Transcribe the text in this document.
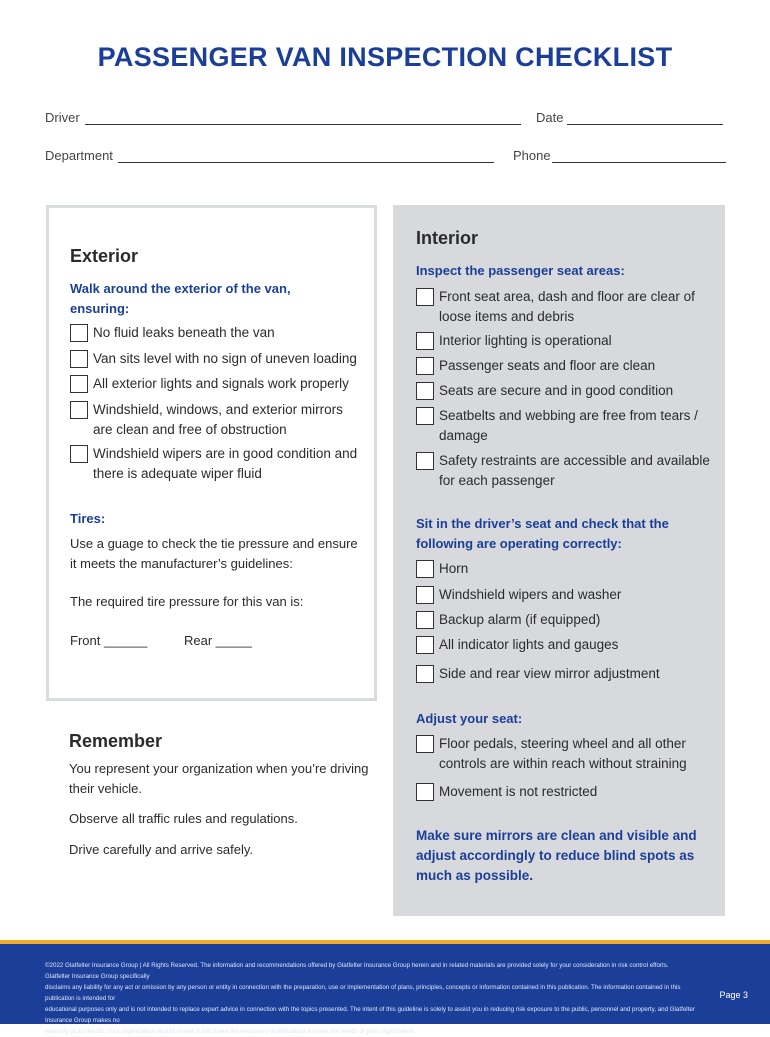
PASSENGER VAN INSPECTION CHECKLIST
Driver	Date
Department	Phone
Exterior
Walk around the exterior of the van,
ensuring:
No fluid leaks beneath the van
Van sits level with no sign of uneven loading
All exterior lights and signals work properly
Windshield, windows, and exterior mirrors
are clean and free of obstruction
Windshield wipers are in good condition and
there is adequate wiper fluid
Tires:
Use a guage to check the tie pressure and ensure
it meets the manufacturer’s guidelines:
The required tire pressure for this van is:
Front ______	Rear _____
Remember
You represent your organization when you’re driving
their vehicle.
Observe all traffic rules and regulations.
Drive carefully and arrive safely.
Interior
Inspect the passenger seat areas:
Front seat area, dash and floor are clear of
loose items and debris
Interior lighting is operational
Passenger seats and floor are clean
Seats are secure and in good condition
Seatbelts and webbing are free from tears /
damage
Safety restraints are accessible and available
for each passenger
Sit in the driver’s seat and check that the
following are operating correctly:
Horn
Windshield wipers and washer
Backup alarm (if equipped)
All indicator lights and gauges
Side and rear view mirror adjustment
Adjust your seat:
Floor pedals, steering wheel and all other
controls are within reach without straining
Movement is not restricted
Make sure mirrors are clean and visible and
adjust accordingly to reduce blind spots as
much as possible.
©2022 Glatfelter Insurance Group | All Rights Reserved. The information and recommendations offered by Glatfelter Insurance Group herein and in related materials are provided solely for your consideration in risk control efforts. Glatfelter Insurance Group specifically
disclaims any liability for any act or omission by any person or entity in connection with the preparation, use or implementation of plans, principles, concepts or information contained in this publication. The information contained in this publication is intended for
educational purposes only and is not intended to replace expert advice in connection with the topics presented. The intent of this guideline is solely to assist you in reducing risk exposure to the public, personnel and property, and Glatfelter Insurance Group makes no
warranty as to results. Your organization should review it and make the necessary modifications to meet the needs of your organization.
Page 3
